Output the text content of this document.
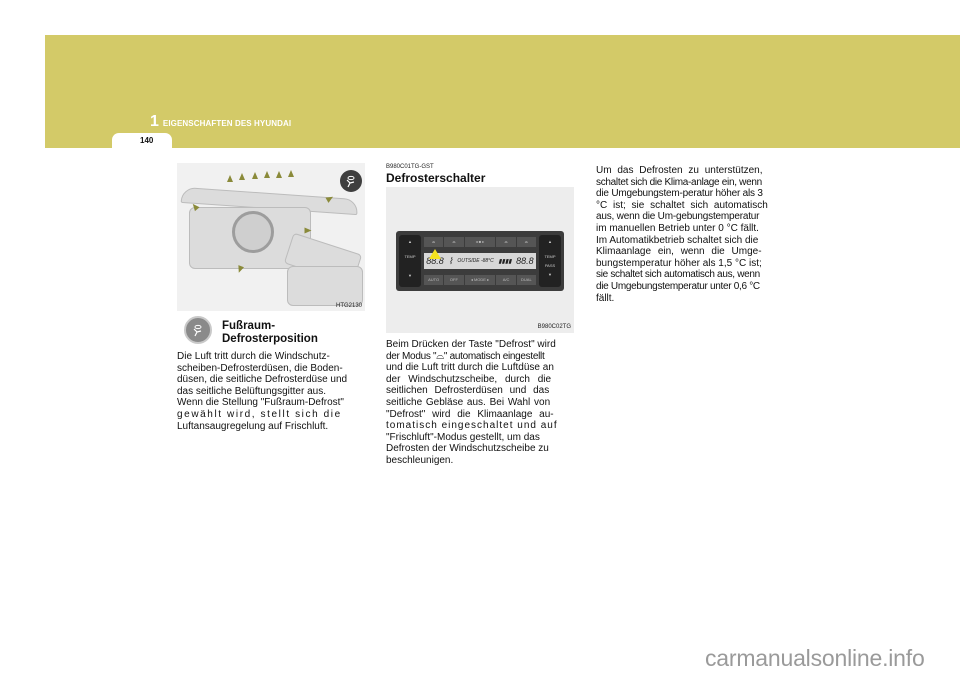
1 EIGENSCHAFTEN DES HYUNDAI
140
HTG2130
Fußraum-
Defrosterposition
Die Luft tritt durch die Windschutz-
scheiben-Defrosterdüsen, die Boden-
düsen, die seitliche Defrosterdüse und
das seitliche Belüftungsgitter aus.
Wenn die Stellung "Fußraum-Defrost"
gewählt wird, stellt sich die
Luftansaugregelung auf Frischluft.
B980C01TG-GST
Defrosterschalter
▲
TEMP
▼
▲
TEMP
PASS
▼
⌓	⌓	◂ ■ ▸	⌓	⌓
88.8 ⌇ OUTSIDE -88°C ▮▮▮▮ 88.8
AUTO	OFF	◂ MODE ▸	A/C	DUAL
B980C02TG
Beim Drücken der Taste "Defrost" wird
der Modus "⌓" automatisch eingestellt
und die Luft tritt durch die Luftdüse an
der Windschutzscheibe, durch die
seitlichen Defrosterdüsen und das
seitliche Gebläse aus. Bei Wahl von
"Defrost" wird die Klimaanlage au-
tomatisch eingeschaltet und auf
"Frischluft"-Modus gestellt, um das
Defrosten der Windschutzscheibe zu
beschleunigen.
Um das Defrosten zu unterstützen,
schaltet sich die Klima-anlage ein, wenn
die Umgebungstem-peratur höher als 3
°C ist; sie schaltet sich automatisch
aus, wenn die Um-gebungstemperatur
im manuellen Betrieb unter 0 °C fällt.
Im Automatikbetrieb schaltet sich die
Klimaanlage ein, wenn die Umge-
bungstemperatur höher als 1,5 °C ist;
sie schaltet sich automatisch aus, wenn
die Umgebungstemperatur unter 0,6 °C
fällt.
carmanualsonline.info
